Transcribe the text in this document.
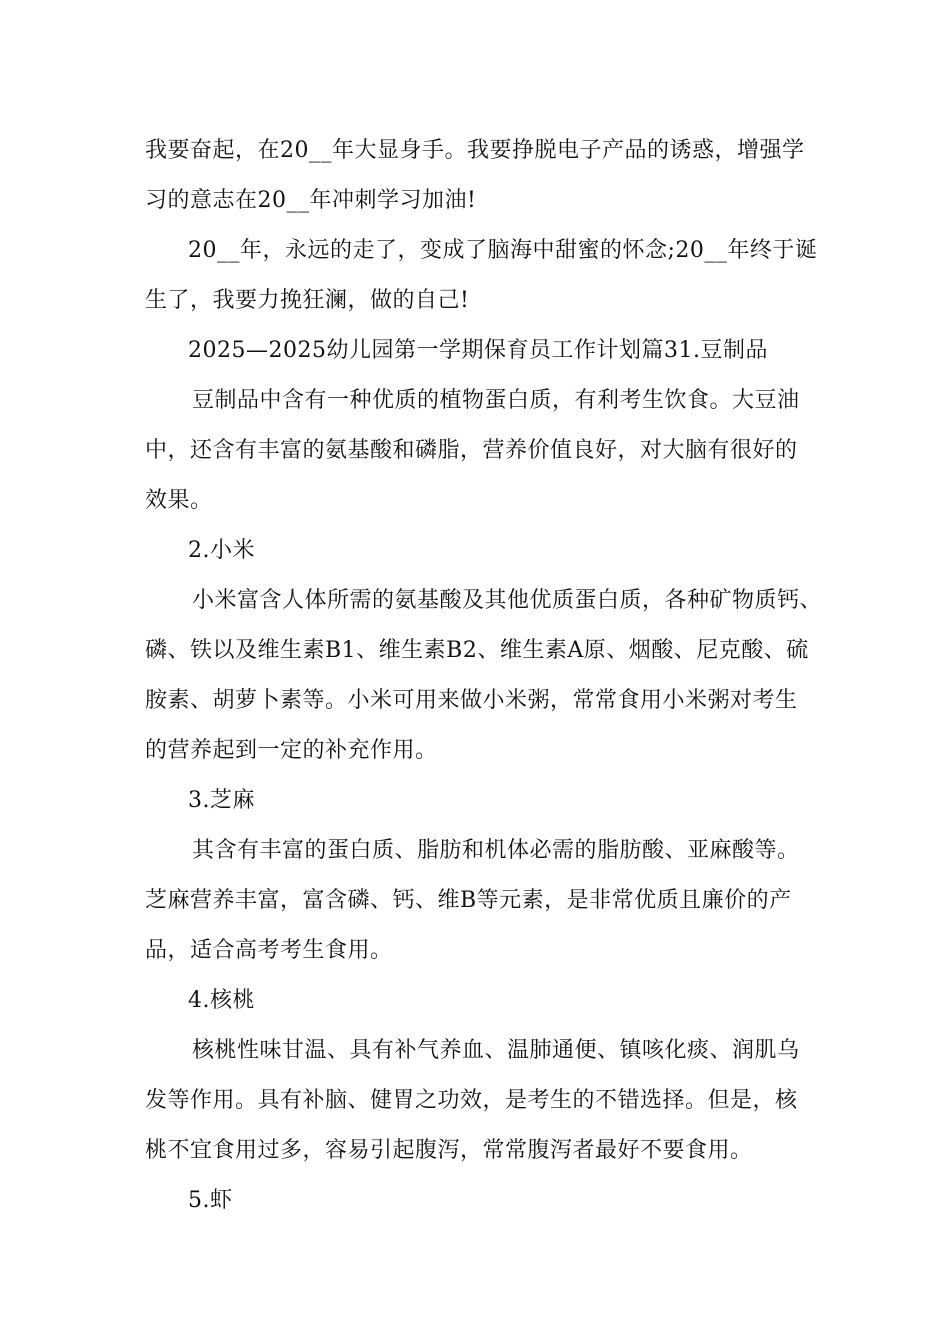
我要奋起，在20__年大显身手。我要挣脱电子产品的诱惑，增强学
习的意志在20__年冲刺学习加油!
20__年，永远的走了，变成了脑海中甜蜜的怀念;20__年终于诞
生了，我要力挽狂澜，做的自己!
2025—2025幼儿园第一学期保育员工作计划篇31.豆制品
豆制品中含有一种优质的植物蛋白质，有利考生饮食。大豆油
中，还含有丰富的氨基酸和磷脂，营养价值良好，对大脑有很好的
效果。
2.小米
小米富含人体所需的氨基酸及其他优质蛋白质，各种矿物质钙、
磷、铁以及维生素B1、维生素B2、维生素A原、烟酸、尼克酸、硫
胺素、胡萝卜素等。小米可用来做小米粥，常常食用小米粥对考生
的营养起到一定的补充作用。
3.芝麻
其含有丰富的蛋白质、脂肪和机体必需的脂肪酸、亚麻酸等。
芝麻营养丰富，富含磷、钙、维B等元素，是非常优质且廉价的产
品，适合高考考生食用。
4.核桃
核桃性味甘温、具有补气养血、温肺通便、镇咳化痰、润肌乌
发等作用。具有补脑、健胃之功效，是考生的不错选择。但是，核
桃不宜食用过多，容易引起腹泻，常常腹泻者最好不要食用。
5.虾
